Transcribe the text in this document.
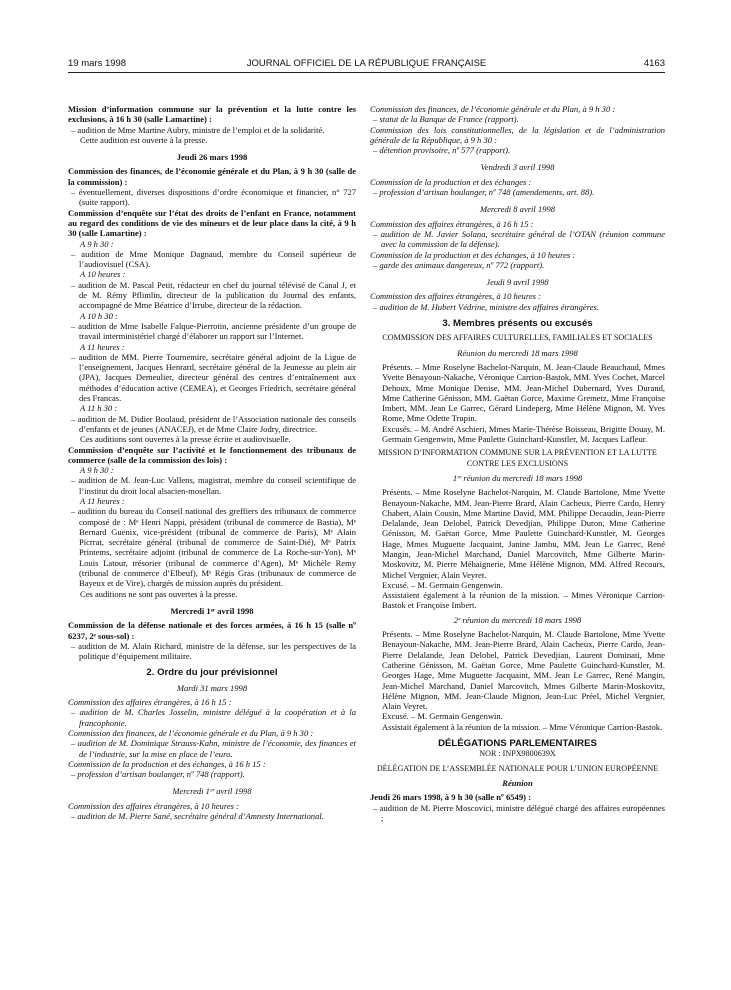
19 mars 1998	JOURNAL OFFICIEL DE LA RÉPUBLIQUE FRANÇAISE	4163

Mission d’information commune sur la prévention et la lutte contre les exclusions, à 16 h 30 (salle Lamartine) :

– audition de Mme Martine Aubry, ministre de l’emploi et de la solidarité.

Cette audition est ouverte à la presse.

Jeudi 26 mars 1998

Commission des finances, de l’économie générale et du Plan, à 9 h 30 (salle de la commission) :

– éventuellement, diverses dispositions d’ordre économique et financier, n° 727 (suite rapport).

Commission d’enquête sur l’état des droits de l’enfant en France, notamment au regard des conditions de vie des mineurs et de leur place dans la cité, à 9 h 30 (salle Lamartine) :

A 9 h 30 :

– audition de Mme Monique Dagnaud, membre du Conseil supérieur de l’audiovisuel (CSA).

A 10 heures :

– audition de M. Pascal Petit, rédacteur en chef du journal télévisé de Canal J, et de M. Rémy Pflimlin, directeur de la publication du Journal des enfants, accompagné de Mme Béatrice d’Irrube, directeur de la rédaction.

A 10 h 30 :

– audition de Mme Isabelle Falque-Pierrotin, ancienne présidente d’un groupe de travail interministériel chargé d’élaborer un rapport sur l’Internet.

A 11 heures :

– audition de MM. Pierre Tournemire, secrétaire général adjoint de la Ligue de l’enseignement, Jacques Henrard, secrétaire général de la Jeunesse au plein air (JPA), Jacques Demeulier, directeur général des centres d’entraînement aux méthodes d’éducation active (CEMEA), et Georges Friedrich, secrétaire général des Francas.

A 11 h 30 :

– audition de M. Didier Boulaud, président de l’Association nationale des conseils d’enfants et de jeunes (ANACEJ), et de Mme Claire Jodry, directrice.

Ces auditions sont ouvertes à la presse écrite et audiovisuelle.

Commission d’enquête sur l’activité et le fonctionnement des tribunaux de commerce (salle de la commission des lois) :

A 9 h 30 :

– audition de M. Jean-Luc Vallens, magistrat, membre du conseil scientifique de l’institut du droit local alsacien-mosellan.

A 11 heures :

– audition du bureau du Conseil national des greffiers des tribunaux de commerce composé de : Mᵉ Henri Nappi, président (tribunal de commerce de Bastia), Mᵉ Bernard Guenix, vice-président (tribunal de commerce de Paris), Mᵉ Alain Picrrat, secrétaire général (tribunal de commerce de Saint-Dié), Mᵉ Patrix Printems, secrétaire adjoint (tribunal de commerce de La Roche-sur-Yon), Mᵉ Louis Latour, trésorier (tribunal de commerce d’Agen), Mᵉ Michèle Remy (tribunal de commerce d’Elbeuf), Mᵉ Régis Gras (tribunaux de commerce de Bayeux et de Vire), chargés de mission auprès du président.

Ces auditions ne sont pas ouvertes à la presse.

Mercredi 1ᵉʳ avril 1998

Commission de la défense nationale et des forces armées, à 16 h 15 (salle nº 6237, 2ᵉ sous-sol) :

– audition de M. Alain Richard, ministre de la défense, sur les perspectives de la politique d’équipement militaire.

2. Ordre du jour prévisionnel

Mardi 31 mars 1998

Commission des affaires étrangères, à 16 h 15 :

– audition de M. Charles Josselin, ministre délégué à la coopération et à la francophonie.

Commission des finances, de l’économie générale et du Plan, à 9 h 30 :

– audition de M. Dominique Strauss-Kahn, ministre de l’économie, des finances et de l’industrie, sur la mise en place de l’euro.

Commission de la production et des échanges, à 16 h 15 :

– profession d’artisan boulanger, nº 748 (rapport).

Mercredi 1ᵉʳ avril 1998

Commission des affaires étrangères, à 10 heures :

– audition de M. Pierre Sané, secrétaire général d’Amnesty International.

Commission des finances, de l’économie générale et du Plan, à 9 h 30 :

– statut de la Banque de France (rapport).

Commission des lois constitutionnelles, de la législation et de l’administration générale de la République, à 9 h 30 :

– détention provisoire, nº 577 (rapport).

Vendredi 3 avril 1998

Commission de la production et des échanges :

– profession d’artisan boulanger, nº 748 (amendements, art. 88).

Mercredi 8 avril 1998

Commission des affaires étrangères, à 16 h 15 :

– audition de M. Javier Solana, secrétaire général de l’OTAN (réunion commune avec la commission de la défense).

Commission de la production et des échanges, à 10 heures :

– garde des animaux dangereux, nº 772 (rapport).

Jeudi 9 avril 1998

Commission des affaires étrangères, à 10 heures :

– audition de M. Hubert Védrine, ministre des affaires étrangères.

3. Membres présents ou excusés

COMMISSION DES AFFAIRES CULTURELLES, FAMILIALES ET SOCIALES

Réunion du mercredi 18 mars 1998

Présents. – Mme Roselyne Bachelot-Narquin, M. Jean-Claude Beauchaud, Mmes Yvette Benayoun-Nakache, Véronique Carrion-Bastok, MM. Yves Cochet, Marcel Dehoux, Mme Monique Denise, MM. Jean-Michel Dubernard, Yves Durand, Mme Catherine Génisson, MM. Gaëtan Gorce, Maxime Gremetz, Mme Françoise Imbert, MM. Jean Le Garrec, Gérard Lindeperg, Mme Hélène Mignon, M. Yves Rome, Mme Odette Trupin.

Excusés. – M. André Aschieri, Mmes Marie-Thérèse Boisseau, Brigitte Douay, M. Germain Gengenwin, Mme Paulette Guinchard-Kunstler, M. Jacques Lafleur.

MISSION D’INFORMATION COMMUNE SUR LA PRÉVENTION ET LA LUTTE CONTRE LES EXCLUSIONS

1ʳᵉ réunion du mercredi 18 mars 1998

Présents. – Mme Roselyne Bachelot-Narquin, M. Claude Bartolone, Mme Yvette Benayoun-Nakache, MM. Jean-Pierre Brard, Alain Cacheux, Pierre Cardo, Henry Chabert, Alain Cousin, Mme Martine David, MM. Philippe Decaudin, Jean-Pierre Delalande, Jean Delobel, Patrick Devedjian, Philippe Duron, Mme Catherine Génisson, M. Gaëtan Gorce, Mme Paulette Guinchard-Kunstler, M. Georges Hage, Mmes Muguette Jacquaint, Janine Jambu, MM. Jean Le Garrec, René Mangin, Jean-Michel Marchand, Daniel Marcovitch, Mme Gilberte Marin-Moskovitz, M. Pierre Méhaignerie, Mme Hélène Mignon, MM. Alfred Recours, Michel Vergnier, Alain Veyret.

Excusé. – M. Germain Gengenwin.

Assistaient également à la réunion de la mission. – Mmes Véronique Carrion-Bastok et Françoise Imbert.

2ᵉ réunion du mercredi 18 mars 1998

Présents. – Mme Roselyne Bachelot-Narquin, M. Claude Bartolone, Mme Yvette Benayoun-Nakache, MM. Jean-Pierre Brard, Alain Cacheux, Pierre Cardo, Jean-Pierre Delalande, Jean Delobel, Patrick Devedjian, Laurent Dominati, Mme Catherine Génisson, M. Gaëtan Gorce, Mme Paulette Guinchard-Kunstler, M. Georges Hage, Mme Muguette Jacquaint, MM. Jean Le Garrec, René Mangin, Jean-Michel Marchand, Daniel Marcovitch, Mmes Gilberte Marin-Moskovitz, Hélène Mignon, MM. Jean-Claude Mignon, Jean-Luc Préel, Michel Vergnier, Alain Veyret.

Excusé. – M. Germain Gengenwin.

Assistait également à la réunion de la mission. – Mme Véronique Carrion-Bastok.

DÉLÉGATIONS PARLEMENTAIRES

NOR : INPX9800639X

DÉLÉGATION DE L’ASSEMBLÉE NATIONALE POUR L’UNION EUROPÉENNE

Réunion

Jeudi 26 mars 1998, à 9 h 30 (salle nº 6549) :

– audition de M. Pierre Moscovici, ministre délégué chargé des affaires européennes ;
